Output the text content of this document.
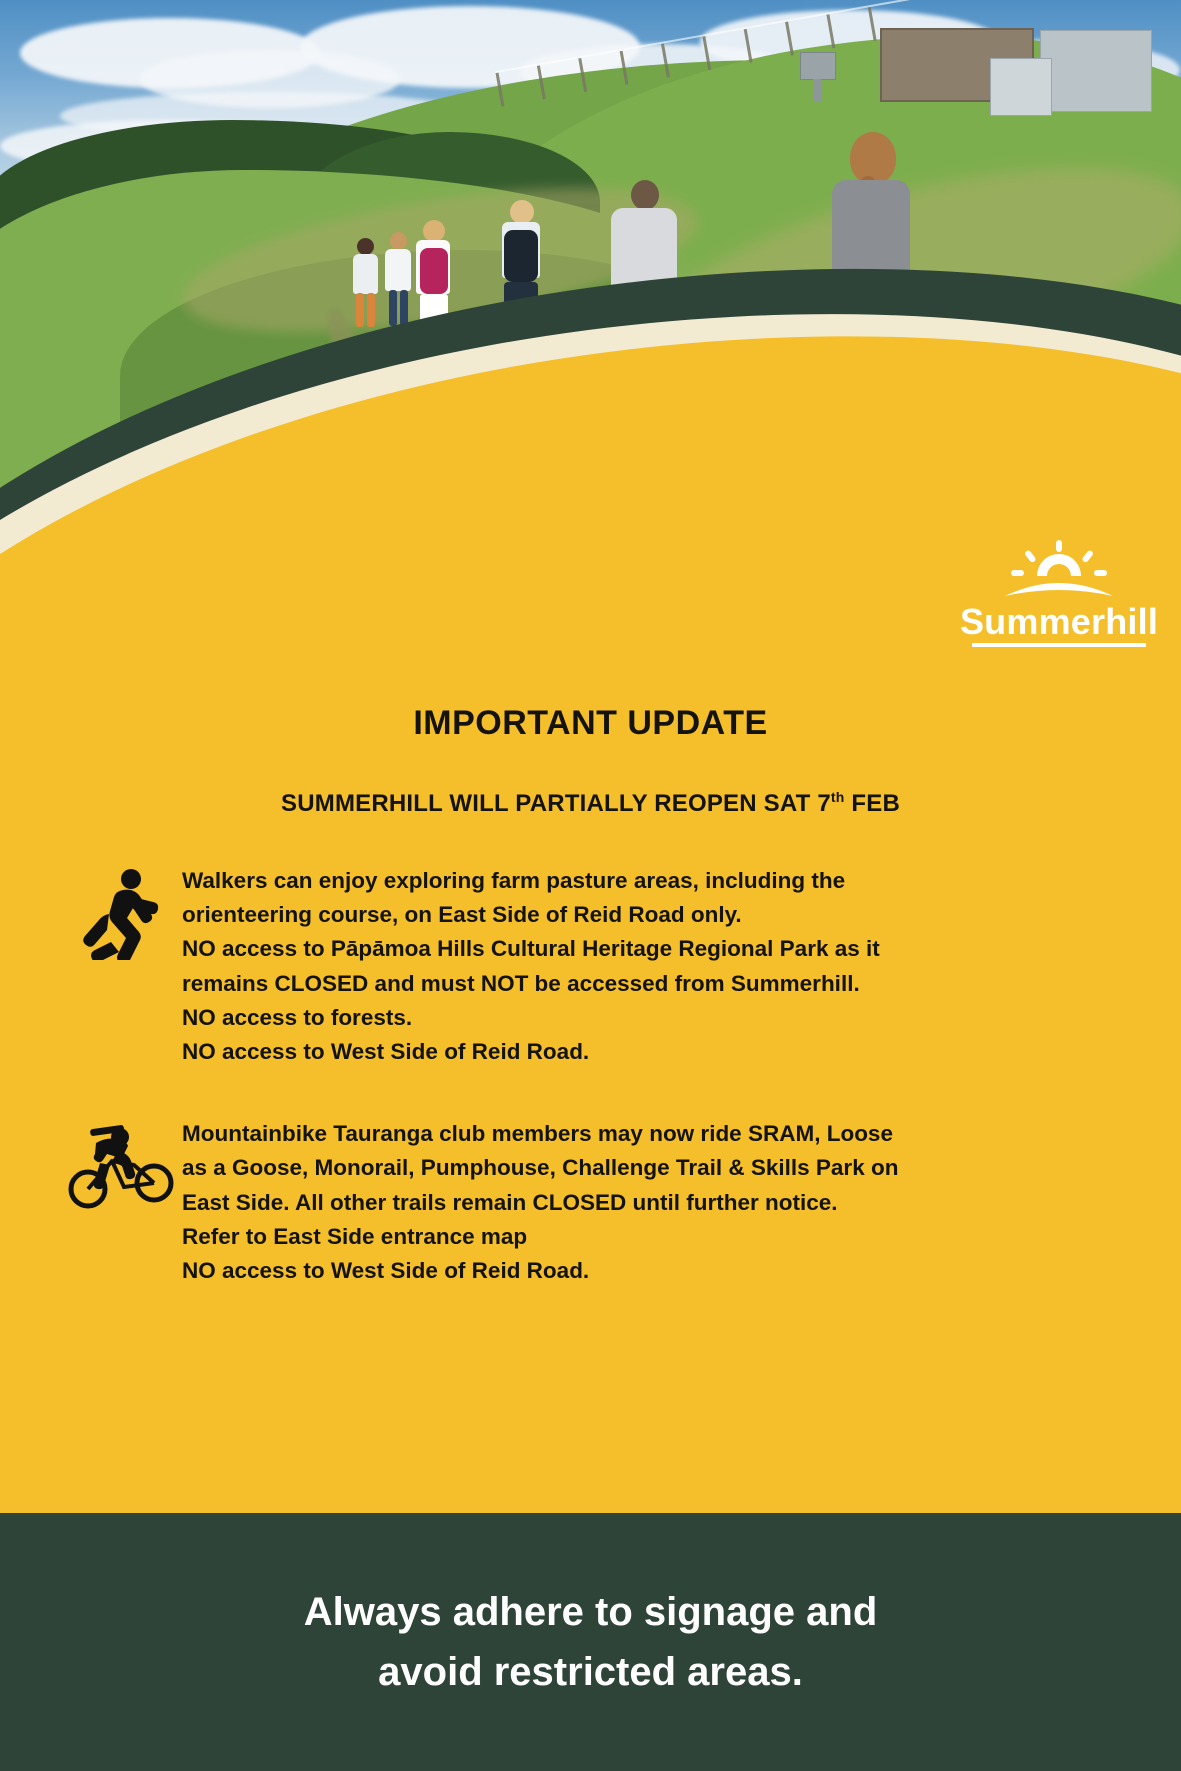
Summerhill
IMPORTANT UPDATE
SUMMERHILL WILL PARTIALLY REOPEN SAT 7th FEB

Walkers can enjoy exploring farm pasture areas, including the

orienteering course, on East Side of Reid Road only.

NO access to Pāpāmoa Hills Cultural Heritage Regional Park as it

remains CLOSED and must NOT be accessed from Summerhill.

NO access to forests.

NO access to West Side of Reid Road.

Mountainbike Tauranga club members may now ride SRAM, Loose

as a Goose, Monorail, Pumphouse, Challenge Trail & Skills Park on

East Side. All other trails remain CLOSED until further notice.

Refer to East Side entrance map

NO access to West Side of Reid Road.

Always adhere to signage and
avoid restricted areas.
